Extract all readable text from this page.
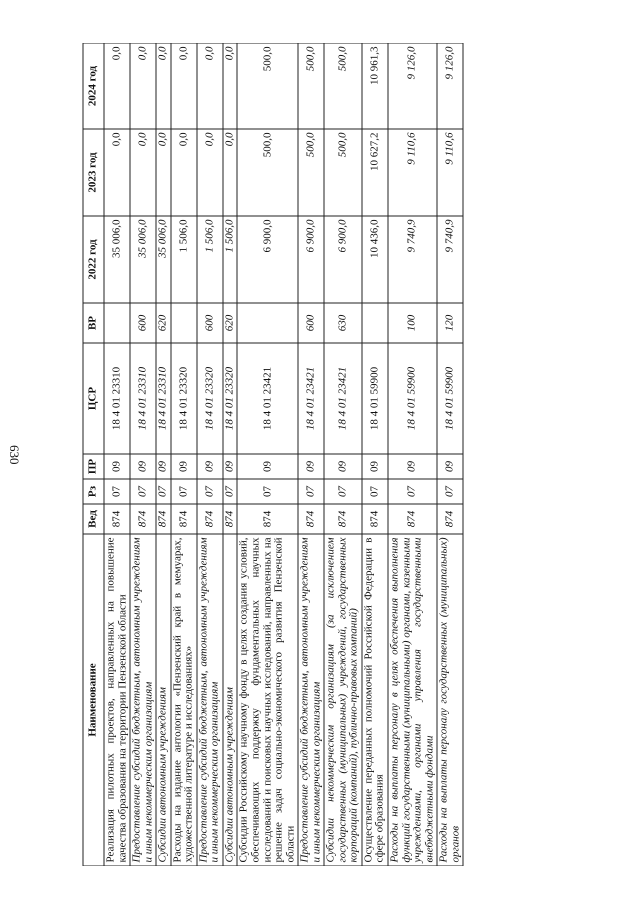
630
Наименование	Вед	Рз	ПР	ЦСР	ВР	2022 год	2023 год	2024 год
Реализация пилотных проектов, направленных на повышение качества образования на территории Пензенской области	874	07	09	18 4 01 23310		35 006,0	0,0	0,0
Предоставление субсидий бюджетным, автономным учреждениям и иным некоммерческим организациям	874	07	09	18 4 01 23310	600	35 006,0	0,0	0,0
Субсидии автономным учреждениям	874	07	09	18 4 01 23310	620	35 006,0	0,0	0,0
Расходы на издание антологии «Пензенский край в мемуарах, художественной литературе и исследованиях»	874	07	09	18 4 01 23320		1 506,0	0,0	0,0
Предоставление субсидий бюджетным, автономным учреждениям и иным некоммерческим организациям	874	07	09	18 4 01 23320	600	1 506,0	0,0	0,0
Субсидии автономным учреждениям	874	07	09	18 4 01 23320	620	1 506,0	0,0	0,0
Субсидии Российскому научному фонду в целях создания условий, обеспечивающих поддержку фундаментальных научных исследований и поисковых научных исследований, направленных на решение задач социально-экономического развития Пензенской области	874	07	09	18 4 01 23421		6 900,0	500,0	500,0
Предоставление субсидий бюджетным, автономным учреждениям и иным некоммерческим организациям	874	07	09	18 4 01 23421	600	6 900,0	500,0	500,0
Субсидии некоммерческим организациям (за исключением государственных (муниципальных) учреждений, государственных корпораций (компаний), публично-правовых компаний)	874	07	09	18 4 01 23421	630	6 900,0	500,0	500,0
Осуществление переданных полномочий Российской Федерации в сфере образования	874	07	09	18 4 01 59900		10 436,0	10 627,2	10 961,3
Расходы на выплаты персоналу в целях обеспечения выполнения функций государственными (муниципальными) органами, казенными учреждениями, органами управления государственными внебюджетными фондами	874	07	09	18 4 01 59900	100	9 740,9	9 110,6	9 126,0
Расходы на выплаты персоналу государственных (муниципальных) органов	874	07	09	18 4 01 59900	120	9 740,9	9 110,6	9 126,0
